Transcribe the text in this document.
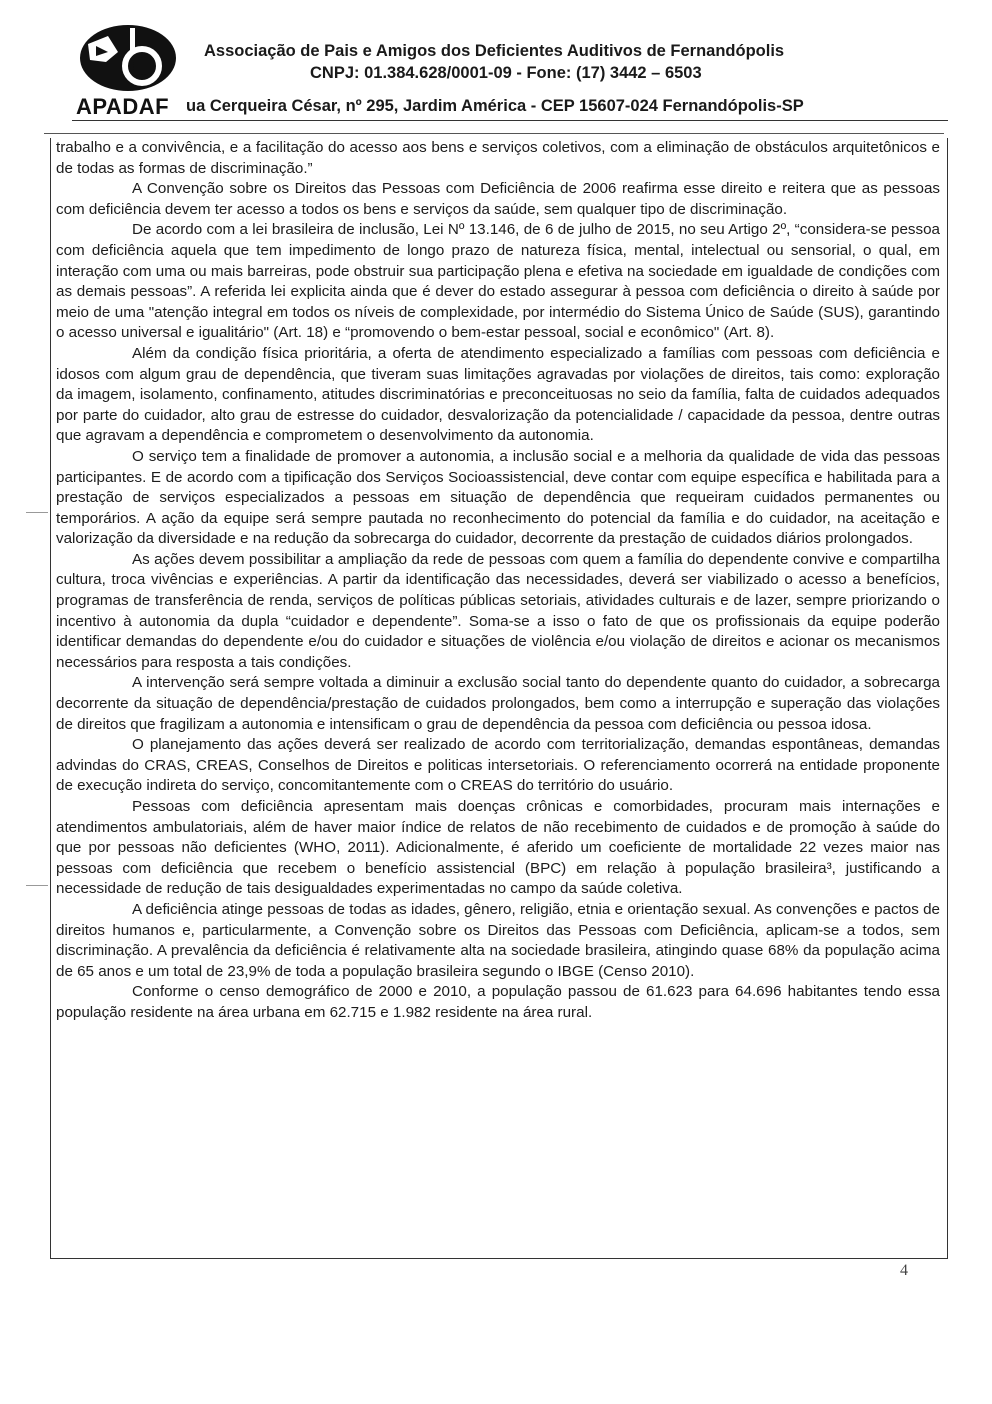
APADAF
Associação de Pais e Amigos dos Deficientes Auditivos de Fernandópolis
CNPJ: 01.384.628/0001-09 - Fone: (17) 3442 – 6503
ua Cerqueira César, nº 295, Jardim América - CEP 15607-024 Fernandópolis-SP

trabalho e a convivência, e a facilitação do acesso aos bens e serviços coletivos, com a eliminação de obstáculos arquitetônicos e de todas as formas de discriminação.”

A Convenção sobre os Direitos das Pessoas com Deficiência de 2006 reafirma esse direito e reitera que as pessoas com deficiência devem ter acesso a todos os bens e serviços da saúde, sem qualquer tipo de discriminação.

De acordo com a lei brasileira de inclusão, Lei Nº 13.146, de 6 de julho de 2015, no seu Artigo 2º, “considera-se pessoa com deficiência aquela que tem impedimento de longo prazo de natureza física, mental, intelectual ou sensorial, o qual, em interação com uma ou mais barreiras, pode obstruir sua participação plena e efetiva na sociedade em igualdade de condições com as demais pessoas”. A referida lei explicita ainda que é dever do estado assegurar à pessoa com deficiência o direito à saúde por meio de uma "atenção integral em todos os níveis de complexidade, por intermédio do Sistema Único de Saúde (SUS), garantindo o acesso universal e igualitário" (Art. 18) e “promovendo o bem-estar pessoal, social e econômico" (Art. 8).

Além da condição física prioritária, a oferta de atendimento especializado a famílias com pessoas com deficiência e idosos com algum grau de dependência, que tiveram suas limitações agravadas por violações de direitos, tais como: exploração da imagem, isolamento, confinamento, atitudes discriminatórias e preconceituosas no seio da família, falta de cuidados adequados por parte do cuidador, alto grau de estresse do cuidador, desvalorização da potencialidade / capacidade da pessoa, dentre outras que agravam a dependência e comprometem o desenvolvimento da autonomia.

O serviço tem a finalidade de promover a autonomia, a inclusão social e a melhoria da qualidade de vida das pessoas participantes. E de acordo com a tipificação dos Serviços Socioassistencial, deve contar com equipe específica e habilitada para a prestação de serviços especializados a pessoas em situação de dependência que requeiram cuidados permanentes ou temporários. A ação da equipe será sempre pautada no reconhecimento do potencial da família e do cuidador, na aceitação e valorização da diversidade e na redução da sobrecarga do cuidador, decorrente da prestação de cuidados diários prolongados.

As ações devem possibilitar a ampliação da rede de pessoas com quem a família do dependente convive e compartilha cultura, troca vivências e experiências. A partir da identificação das necessidades, deverá ser viabilizado o acesso a benefícios, programas de transferência de renda, serviços de políticas públicas setoriais, atividades culturais e de lazer, sempre priorizando o incentivo à autonomia da dupla “cuidador e dependente”. Soma-se a isso o fato de que os profissionais da equipe poderão identificar demandas do dependente e/ou do cuidador e situações de violência e/ou violação de direitos e acionar os mecanismos necessários para resposta a tais condições.

A intervenção será sempre voltada a diminuir a exclusão social tanto do dependente quanto do cuidador, a sobrecarga decorrente da situação de dependência/prestação de cuidados prolongados, bem como a interrupção e superação das violações de direitos que fragilizam a autonomia e intensificam o grau de dependência da pessoa com deficiência ou pessoa idosa.

O planejamento das ações deverá ser realizado de acordo com territorialização, demandas espontâneas, demandas advindas do CRAS, CREAS, Conselhos de Direitos e politicas intersetoriais. O referenciamento ocorrerá na entidade proponente de execução indireta do serviço, concomitantemente com o CREAS do território do usuário.

Pessoas com deficiência apresentam mais doenças crônicas e comorbidades, procuram mais internações e atendimentos ambulatoriais, além de haver maior índice de relatos de não recebimento de cuidados e de promoção à saúde do que por pessoas não deficientes (WHO, 2011). Adicionalmente, é aferido um coeficiente de mortalidade 22 vezes maior nas pessoas com deficiência que recebem o benefício assistencial (BPC) em relação à população brasileira³, justificando a necessidade de redução de tais desigualdades experimentadas no campo da saúde coletiva.

A deficiência atinge pessoas de todas as idades, gênero, religião, etnia e orientação sexual. As convenções e pactos de direitos humanos e, particularmente, a Convenção sobre os Direitos das Pessoas com Deficiência, aplicam-se a todos, sem discriminação. A prevalência da deficiência é relativamente alta na sociedade brasileira, atingindo quase 68% da população acima de 65 anos e um total de 23,9% de toda a população brasileira segundo o IBGE (Censo 2010).

Conforme o censo demográfico de 2000 e 2010, a população passou de 61.623 para 64.696 habitantes tendo essa população residente na área urbana em 62.715 e 1.982 residente na área rural.

4
